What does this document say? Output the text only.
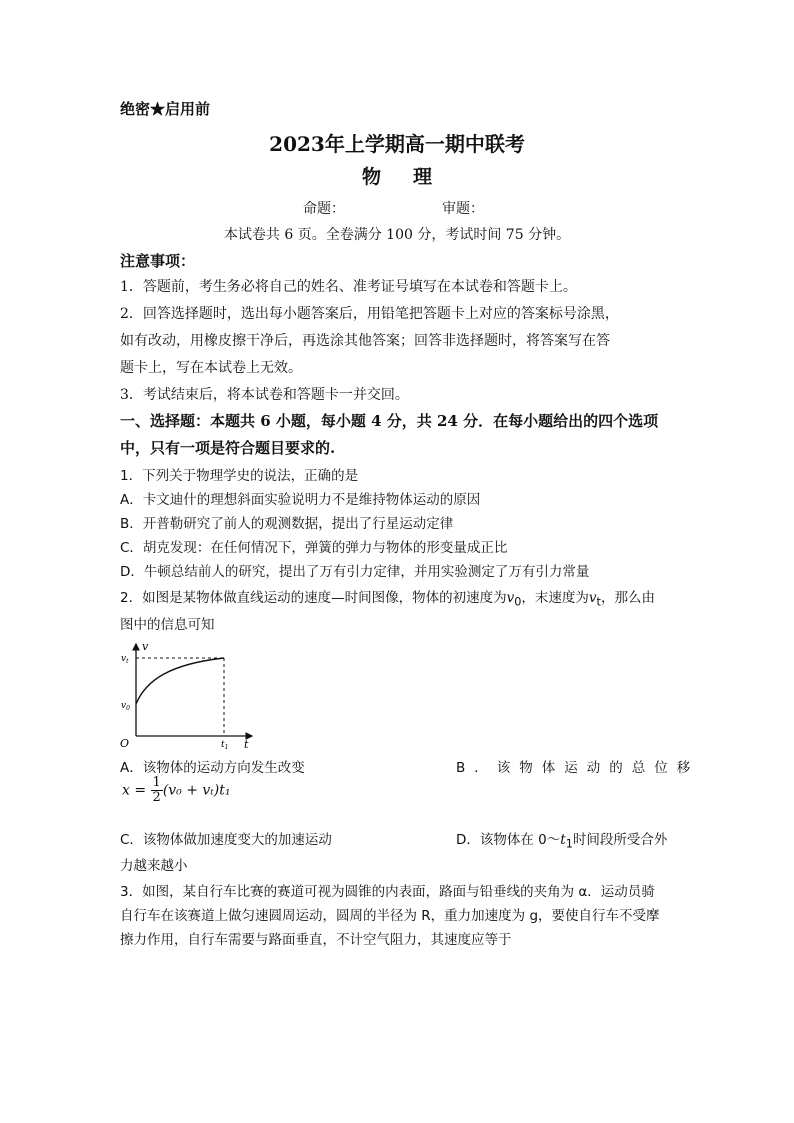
绝密★启用前
2023年上学期高一期中联考
物理
命题：	审题：
本试卷共 6 页。全卷满分 100 分，考试时间 75 分钟。
注意事项：
1．答题前，考生务必将自己的姓名、准考证号填写在本试卷和答题卡上。
2．回答选择题时，选出每小题答案后，用铅笔把答题卡上对应的答案标号涂黑，
如有改动，用橡皮擦干净后，再选涂其他答案；回答非选择题时，将答案写在答
题卡上，写在本试卷上无效。
3．考试结束后，将本试卷和答题卡一并交回。
一、选择题：本题共 6 小题，每小题 4 分，共 24 分．在每小题给出的四个选项
中，只有一项是符合题目要求的.
1．下列关于物理学史的说法，正确的是
A．卡文迪什的理想斜面实验说明力不是维持物体运动的原因
B．开普勒研究了前人的观测数据，提出了行星运动定律
C．胡克发现：在任何情况下，弹簧的弹力与物体的形变量成正比
D．牛顿总结前人的研究，提出了万有引力定律，并用实验测定了万有引力常量
2．如图是某物体做直线运动的速度—时间图像，物体的初速度为$v_0$，末速度为$v_t$，那么由
图中的信息可知
v
t
O
$v_t$
$v_0$
$t_1$
A．该物体的运动方向发生改变	B．该物体运动的总位移
$x = \frac{1}{2} (v_0 + v_t)t_1$
C．该物体做加速度变大的加速运动	D．该物体在 $0\sim t_1$时间段所受合外
力越来越小
3．如图，某自行车比赛的赛道可视为圆锥的内表面，路面与铅垂线的夹角为 α．运动员骑
自行车在该赛道上做匀速圆周运动，圆周的半径为 R，重力加速度为 g，要使自行车不受摩
擦力作用，自行车需要与路面垂直，不计空气阻力，其速度应等于
